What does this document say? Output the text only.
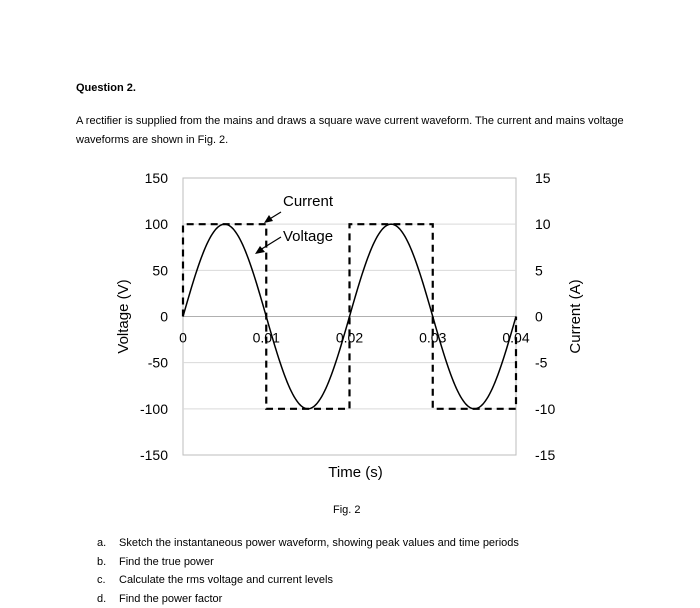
Question 2.
A rectifier is supplied from the mains and draws a square wave current waveform. The current and mains voltage waveforms are shown in Fig. 2.
150
100
50
0
-50
-100
-150
15
10
5
0
-5
-10
-15
0	0.01	0.02	0.03	0.04
Time (s)
Voltage (V)	Current (A)
Current
Voltage
Fig. 2
a. Sketch the instantaneous power waveform, showing peak values and time periods
b. Find the true power
c. Calculate the rms voltage and current levels
d. Find the power factor
